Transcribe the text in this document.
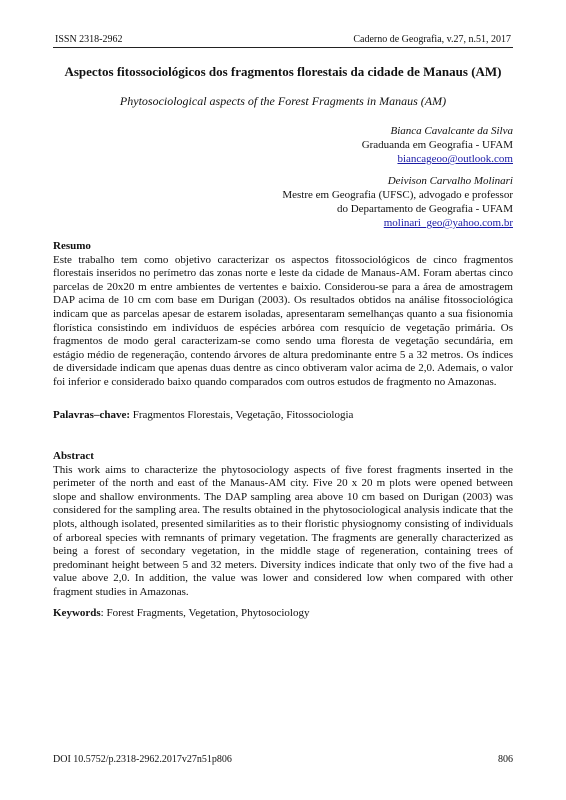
ISSN 2318-2962	Caderno de Geografia, v.27, n.51, 2017
Aspectos fitossociológicos dos fragmentos florestais da cidade de Manaus (AM)
Phytosociological aspects of the Forest Fragments in Manaus (AM)
Bianca Cavalcante da Silva
Graduanda em Geografia - UFAM
biancageoo@outlook.com
Deivison Carvalho Molinari
Mestre em Geografia (UFSC), advogado e professor
do Departamento de Geografia - UFAM
molinari_geo@yahoo.com.br
Resumo
Este trabalho tem como objetivo caracterizar os aspectos fitossociológicos de cinco fragmentos florestais inseridos no perímetro das zonas norte e leste da cidade de Manaus-AM. Foram abertas cinco parcelas de 20x20 m entre ambientes de vertentes e baixio. Considerou-se para a área de amostragem DAP acima de 10 cm com base em Durigan (2003). Os resultados obtidos na análise fitossociológica indicam que as parcelas apesar de estarem isoladas, apresentaram semelhanças quanto a sua fisionomia florística consistindo em indivíduos de espécies arbórea com resquício de vegetação primária. Os fragmentos de modo geral caracterizam-se como sendo uma floresta de vegetação secundária, em estágio médio de regeneração, contendo árvores de altura predominante entre 5 a 32 metros. Os índices de diversidade indicam que apenas duas dentre as cinco obtiveram valor acima de 2,0. Ademais, o valor foi inferior e considerado baixo quando comparados com outros estudos de fragmento no Amazonas.
Palavras–chave: Fragmentos Florestais, Vegetação, Fitossociologia
Abstract
This work aims to characterize the phytosociology aspects of five forest fragments inserted in the perimeter of the north and east of the Manaus-AM city. Five 20 x 20 m plots were opened between slope and shallow environments. The DAP sampling area above 10 cm based on Durigan (2003) was considered for the sampling area. The results obtained in the phytosociological analysis indicate that the plots, although isolated, presented similarities as to their floristic physiognomy consisting of individuals of arboreal species with remnants of primary vegetation. The fragments are generally characterized as being a forest of secondary vegetation, in the middle stage of regeneration, containing trees of predominant height between 5 and 32 meters. Diversity indices indicate that only two of the five had a value above 2,0. In addition, the value was lower and considered low when compared with other fragment studies in Amazonas.
Keywords: Forest Fragments, Vegetation, Phytosociology
DOI 10.5752/p.2318-2962.2017v27n51p806	806
